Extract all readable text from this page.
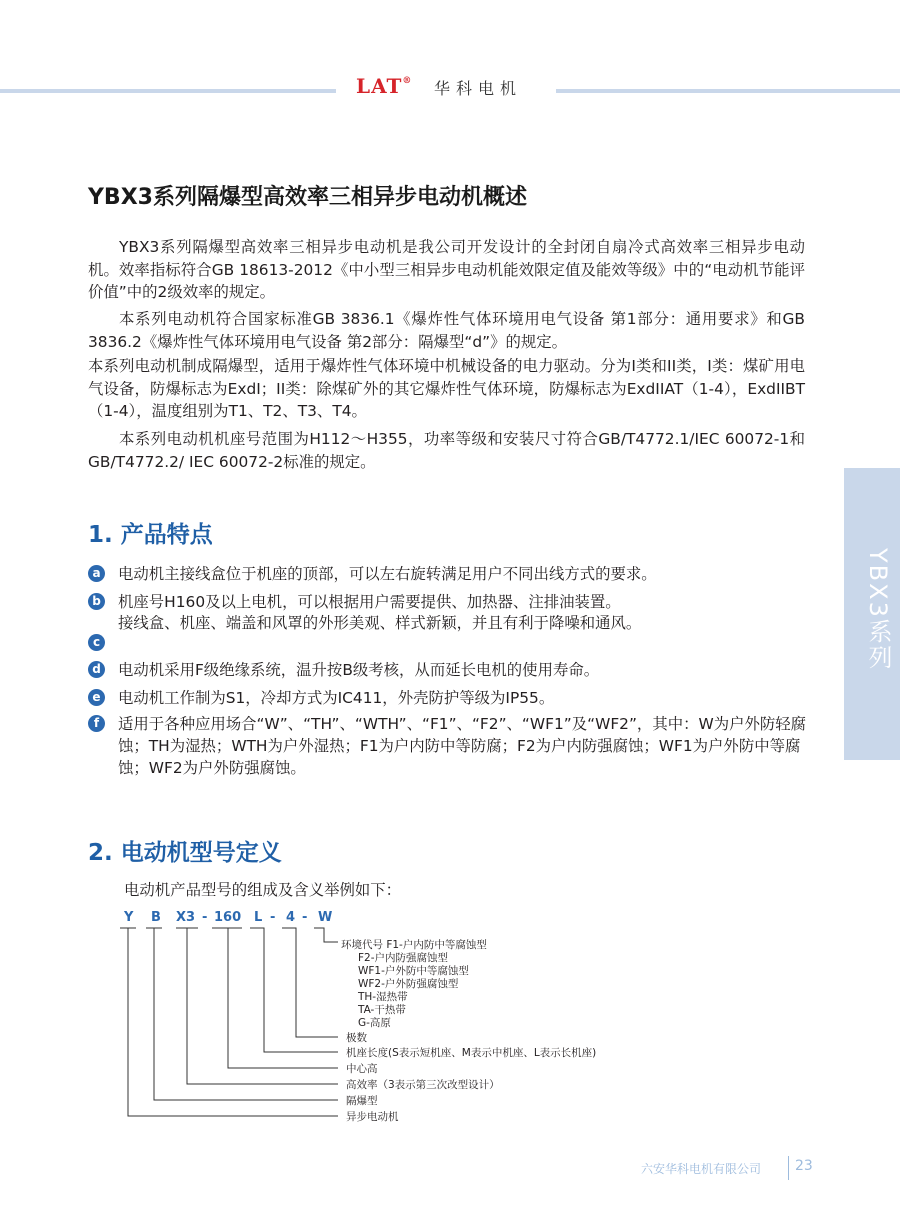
LAT® 华科电机
YBX3系列隔爆型高效率三相异步电动机概述

YBX3系列隔爆型高效率三相异步电动机是我公司开发设计的全封闭自扇冷式高效率三相异步电动机。效率指标符合GB 18613-2012《中小型三相异步电动机能效限定值及能效等级》中的“电动机节能评价值”中的2级效率的规定。

本系列电动机符合国家标准GB 3836.1《爆炸性气体环境用电气设备 第1部分：通用要求》和GB 3836.2《爆炸性气体环境用电气设备 第2部分：隔爆型“d”》的规定。

本系列电动机制成隔爆型，适用于爆炸性气体环境中机械设备的电力驱动。分为I类和II类，I类：煤矿用电气设备，防爆标志为ExdI；II类：除煤矿外的其它爆炸性气体环境，防爆标志为ExdIIAT（1-4），ExdIIBT（1-4），温度组别为T1、T2、T3、T4。

本系列电动机机座号范围为H112～H355，功率等级和安装尺寸符合GB/T4772.1/IEC 60072-1和GB/T4772.2/ IEC 60072-2标准的规定。

1. 产品特点
a 电动机主接线盒位于机座的顶部，可以左右旋转满足用户不同出线方式的要求。
b 机座号H160及以上电机，可以根据用户需要提供、加热器、注排油装置。
接线盒、机座、端盖和风罩的外形美观、样式新颖，并且有利于降噪和通风。
c
d 电动机采用F级绝缘系统，温升按B级考核，从而延长电机的使用寿命。
e 电动机工作制为S1，冷却方式为IC411，外壳防护等级为IP55。
f	适用于各种应用场合“W”、“TH”、“WTH”、“F1”、“F2”、“WF1”及“WF2”，其中：W为户外防轻腐蚀；TH为湿热；WTH为户外湿热；F1为户内防中等防腐；F2为户内防强腐蚀；WF1为户外防中等腐蚀；WF2为户外防强腐蚀。
YBX3系列
2. 电动机型号定义
电动机产品型号的组成及含义举例如下：
Y B X3 - 160 L - 4 - W
环境代号 F1-户内防中等腐蚀型
F2-户内防强腐蚀型
WF1-户外防中等腐蚀型
WF2-户外防强腐蚀型
TH-湿热带
TA-干热带
G-高原
极数
机座长度(S表示短机座、M表示中机座、L表示长机座)
中心高
高效率（3表示第三次改型设计）
隔爆型
异步电动机
六安华科电机有限公司 23
